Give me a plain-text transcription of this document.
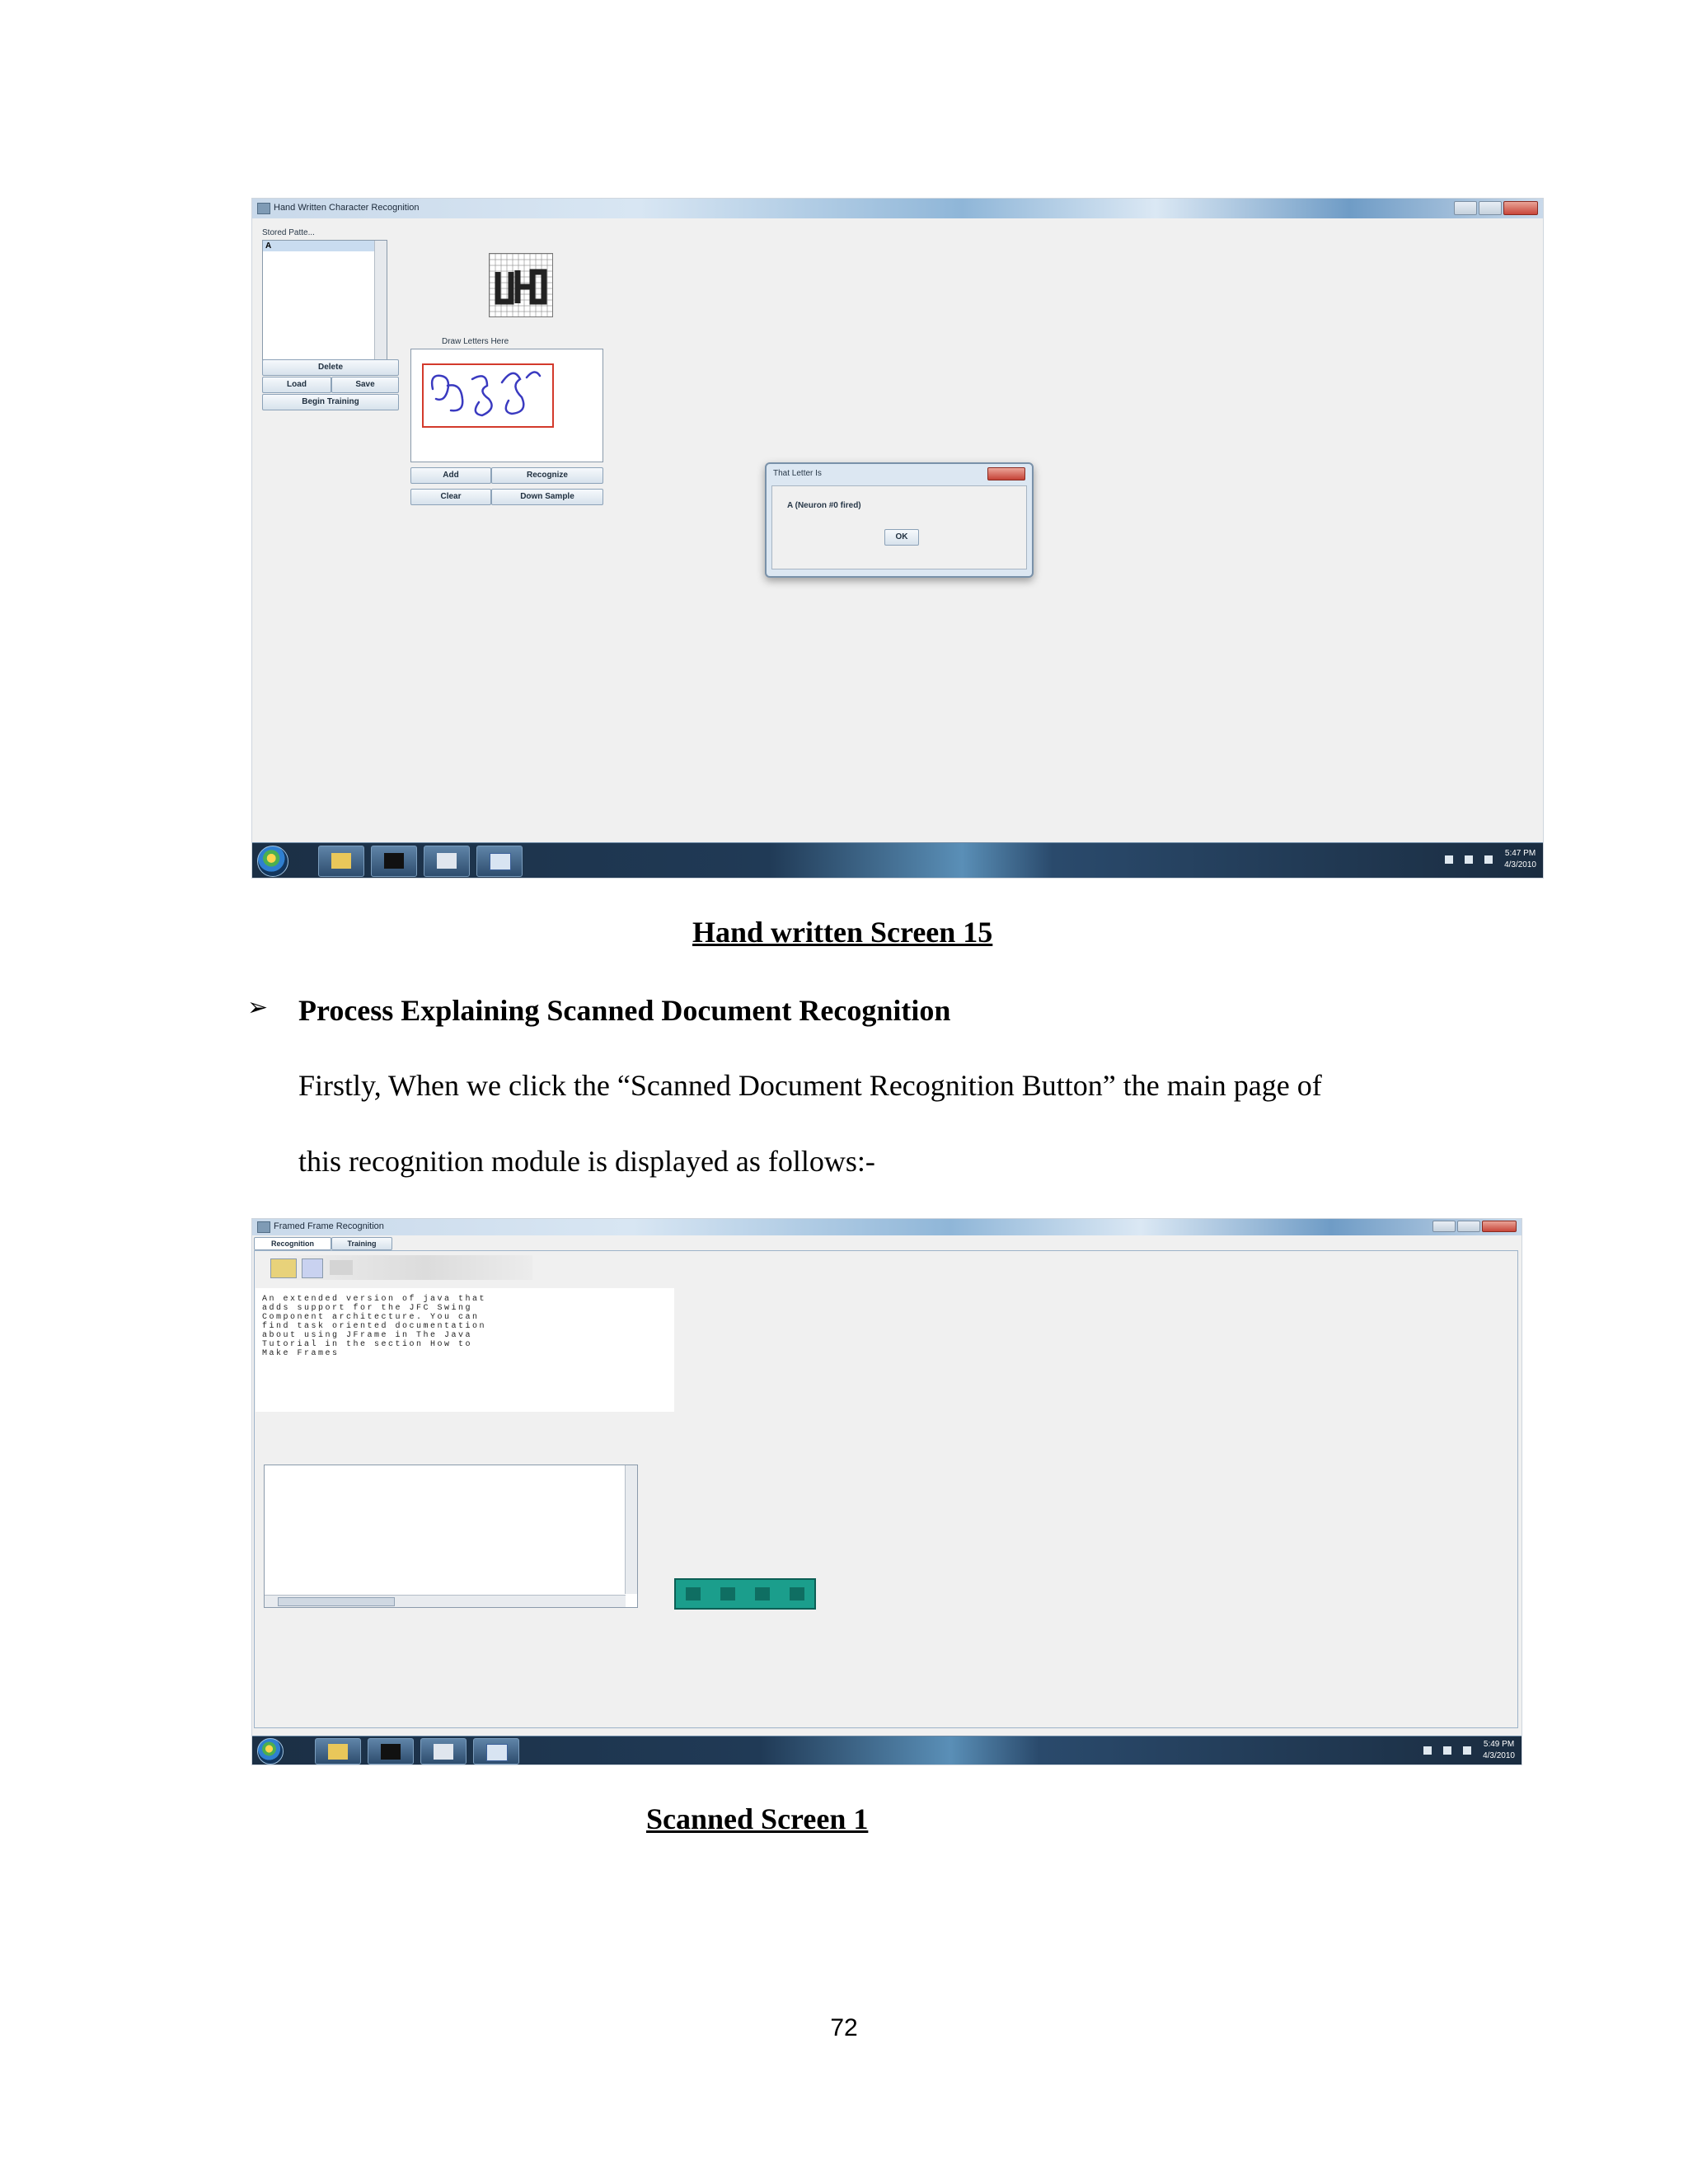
Hand Written Character Recognition
Stored Patte...
A
Delete
Load	Save
Begin Training
Draw Letters Here
Add	Recognize
Clear	Down Sample
That Letter Is
A (Neuron #0 fired)
OK
5:47 PM
4/3/2010
Hand written Screen 15
➢ Process Explaining Scanned Document Recognition
Firstly, When we click the “Scanned Document Recognition Button” the main page of
this recognition module is displayed as follows:-
Framed Frame Recognition
Recognition	Training
An extended version of java that
adds support for the JFC Swing
Component architecture. You can
find task oriented documentation
about using JFrame in The Java
Tutorial in the section How to
Make Frames
5:49 PM
4/3/2010
Scanned Screen 1
72
